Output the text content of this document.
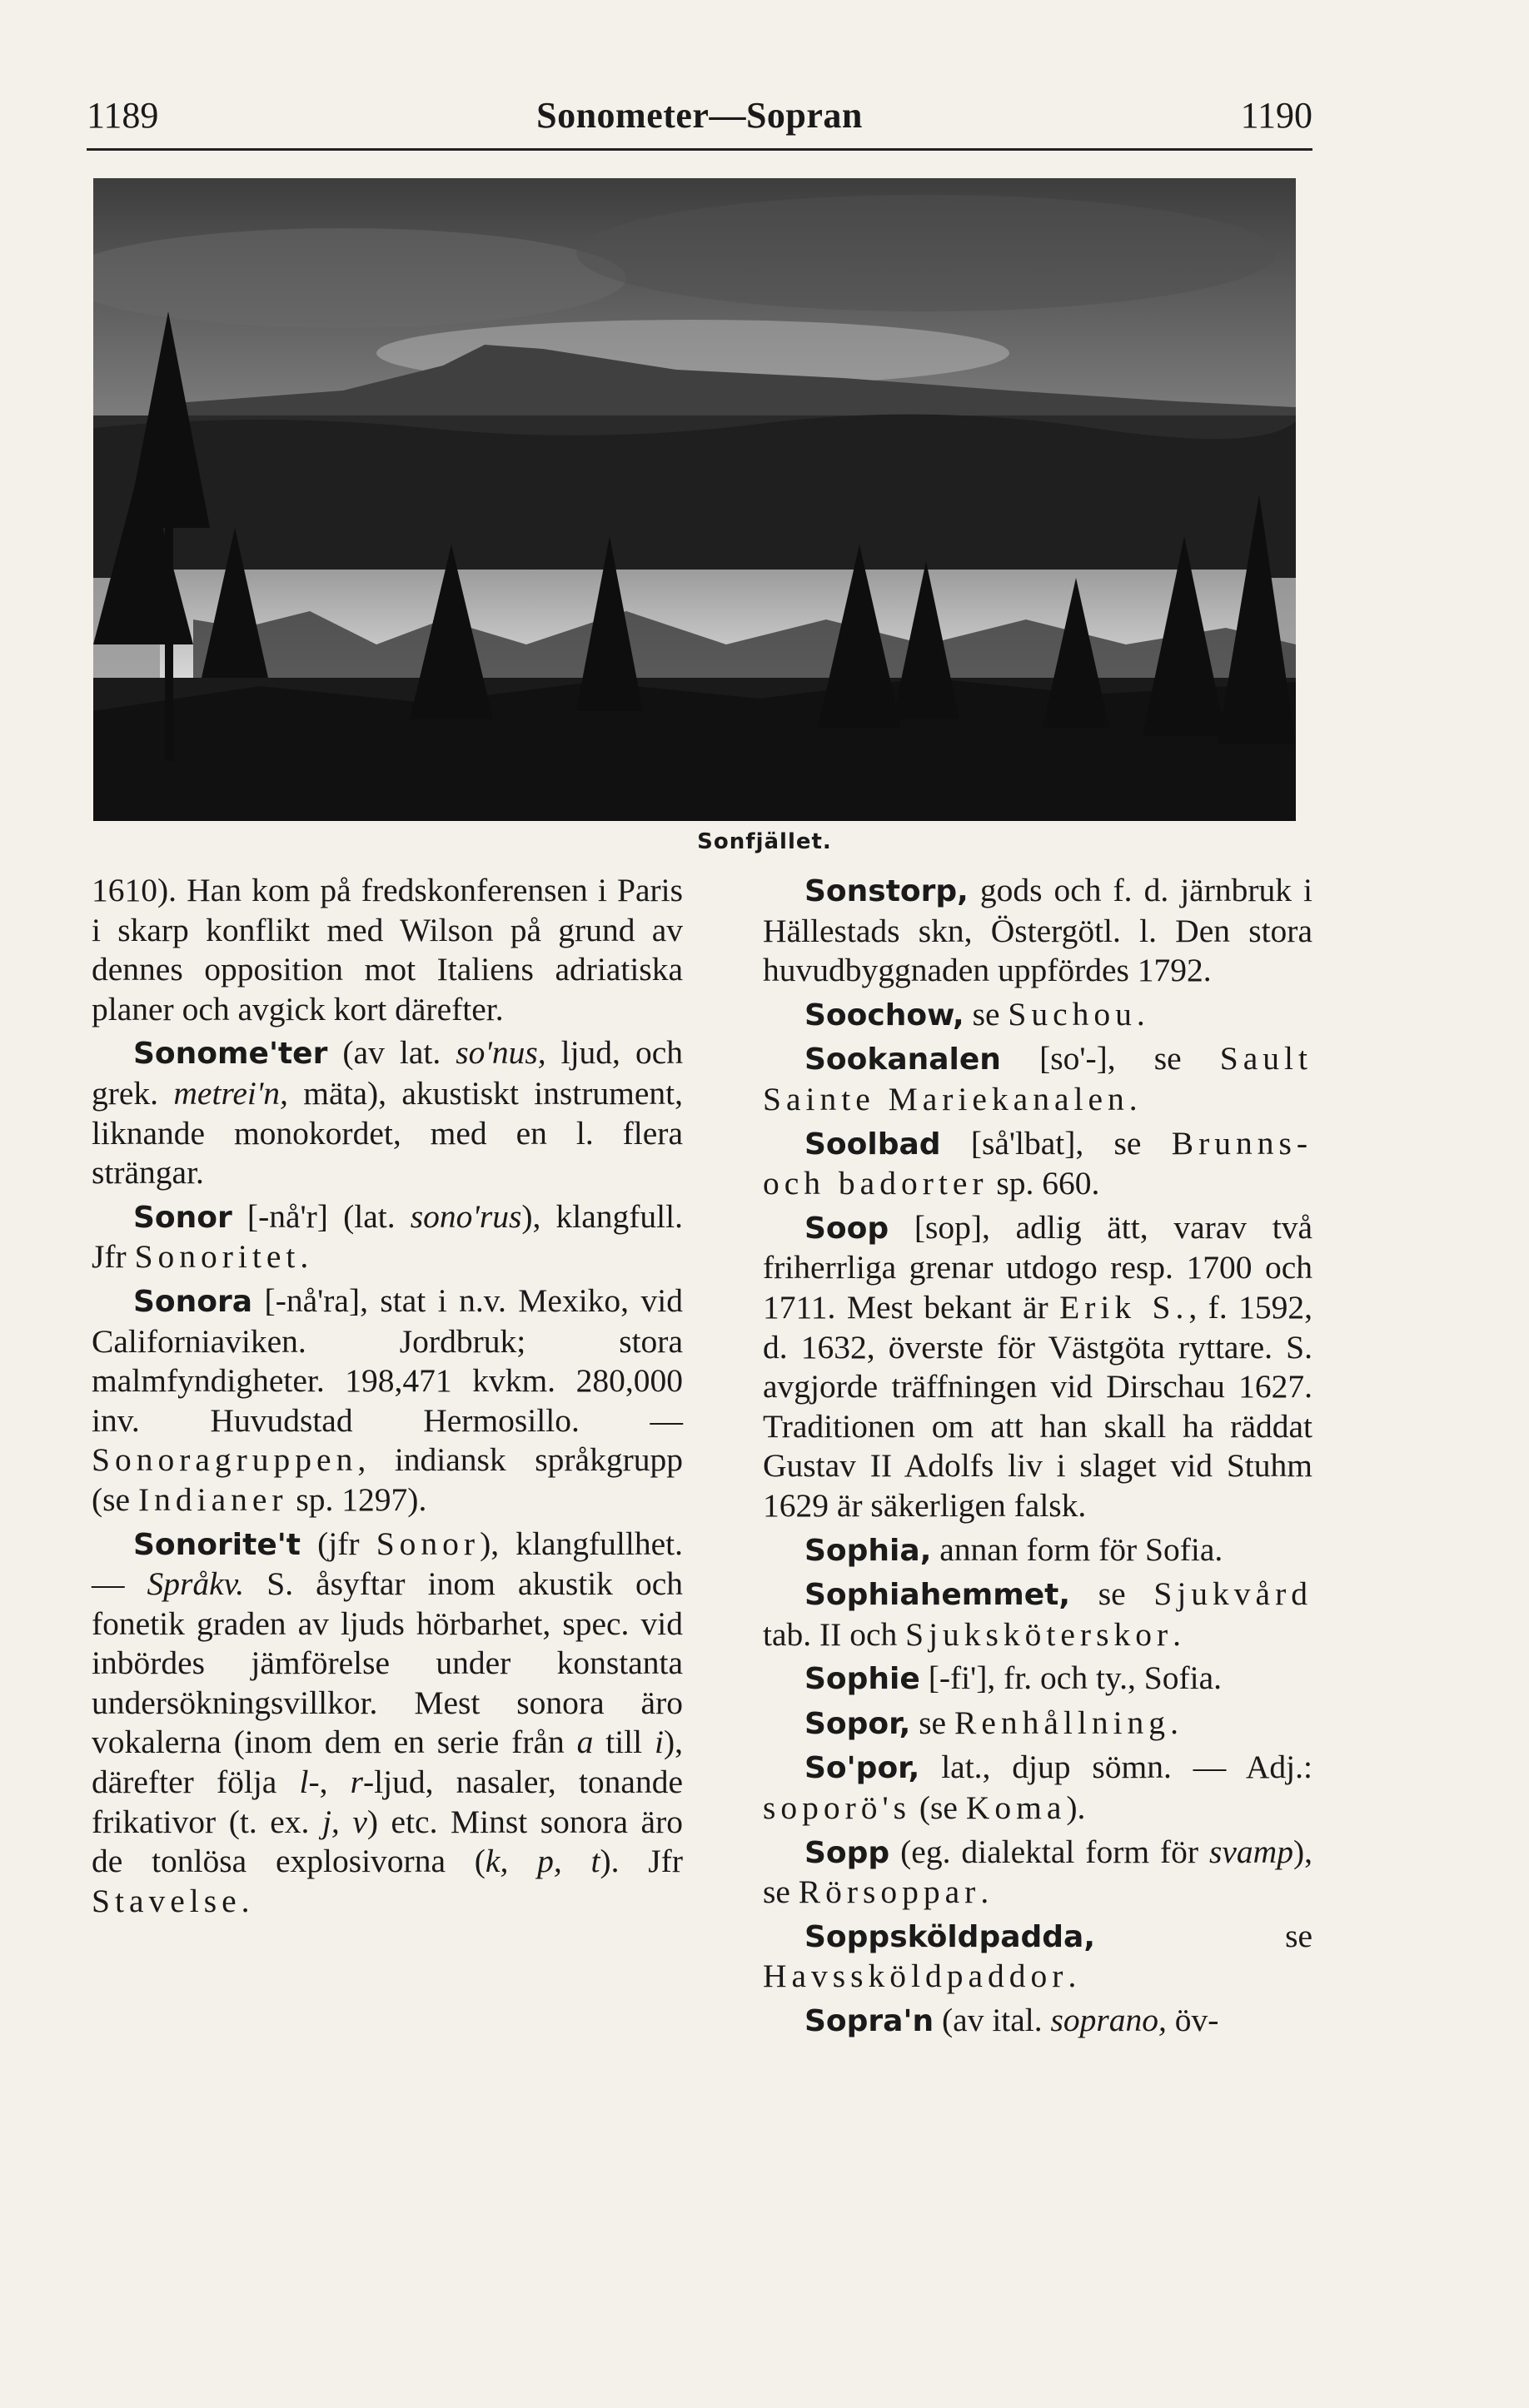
1189	Sonometer—Sopran	1190
Sonfjället.
1610). Han kom på fredskonferensen i Paris i skarp konflikt med Wilson på grund av dennes opposition mot Italiens adriatiska planer och avgick kort därefter.
Sonome'ter (av lat. so'nus, ljud, och grek. metrei'n, mäta), akustiskt instrument, liknande monokordet, med en l. flera strängar.
Sonor [-nå'r] (lat. sono'rus), klangfull. Jfr Sonoritet.
Sonora [-nå'ra], stat i n.v. Mexiko, vid Californiaviken. Jordbruk; stora malmfyndigheter. 198,471 kvkm. 280,000 inv. Huvudstad Hermosillo. — Sonoragruppen, indiansk språkgrupp (se Indianer sp. 1297).
Sonorite't (jfr Sonor), klangfullhet. — Språkv. S. åsyftar inom akustik och fonetik graden av ljuds hörbarhet, spec. vid inbördes jämförelse under konstanta undersökningsvillkor. Mest sonora äro vokalerna (inom dem en serie från a till i), därefter följa l-, r-ljud, nasaler, tonande frikativor (t. ex. j, v) etc. Minst sonora äro de tonlösa explosivorna (k, p, t). Jfr Stavelse.
Sonstorp, gods och f. d. järnbruk i Hällestads skn, Östergötl. l. Den stora huvudbyggnaden uppfördes 1792.
Soochow, se Suchou.
Sookanalen [so'-], se Sault Sainte Mariekanalen.
Soolbad [så'lbat], se Brunns- och badorter sp. 660.
Soop [sop], adlig ätt, varav två friherrliga grenar utdogo resp. 1700 och 1711. Mest bekant är Erik S., f. 1592, d. 1632, överste för Västgöta ryttare. S. avgjorde träffningen vid Dirschau 1627. Traditionen om att han skall ha räddat Gustav II Adolfs liv i slaget vid Stuhm 1629 är säkerligen falsk.
Sophia, annan form för Sofia.
Sophiahemmet, se Sjukvård tab. II och Sjuksköterskor.
Sophie [-fi'], fr. och ty., Sofia.
Sopor, se Renhållning.
So'por, lat., djup sömn. — Adj.: soporö's (se Koma).
Sopp (eg. dialektal form för svamp), se Rörsoppar.
Soppsköldpadda, se Havssköldpaddor.
Sopra'n (av ital. soprano, öv-
